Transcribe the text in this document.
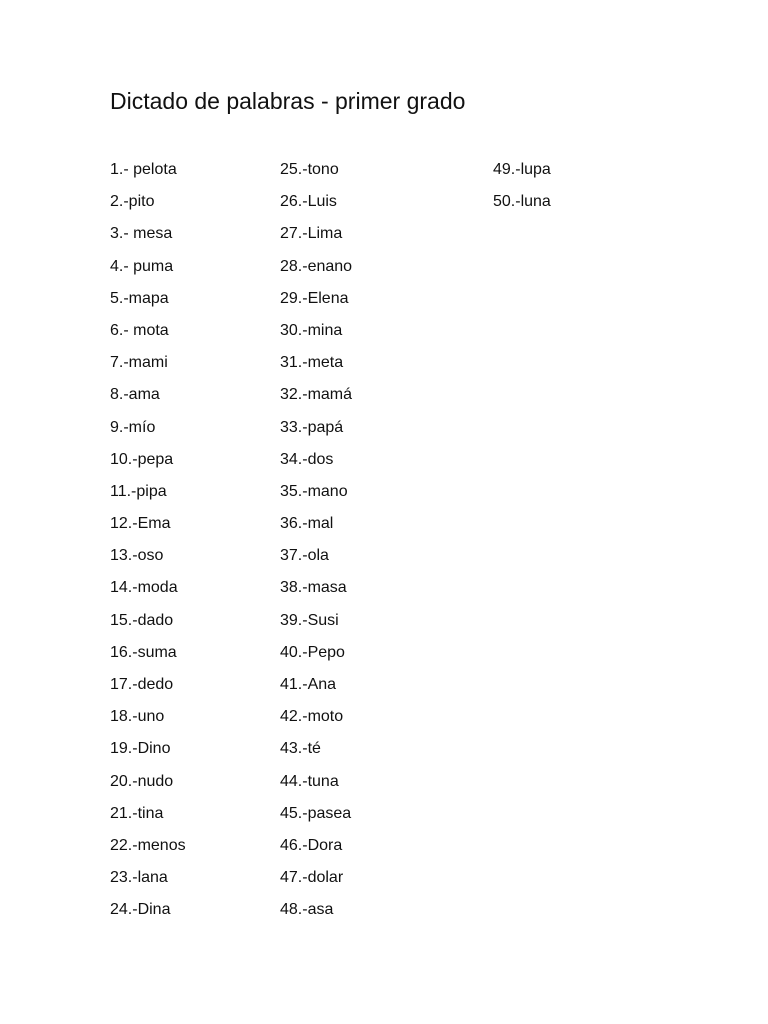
Dictado de palabras - primer grado
1.- pelota
2.-pito
3.- mesa
4.- puma
5.-mapa
6.- mota
7.-mami
8.-ama
9.-mío
10.-pepa
11.-pipa
12.-Ema
13.-oso
14.-moda
15.-dado
16.-suma
17.-dedo
18.-uno
19.-Dino
20.-nudo
21.-tina
22.-menos
23.-lana
24.-Dina
25.-tono
26.-Luis
27.-Lima
28.-enano
29.-Elena
30.-mina
31.-meta
32.-mamá
33.-papá
34.-dos
35.-mano
36.-mal
37.-ola
38.-masa
39.-Susi
40.-Pepo
41.-Ana
42.-moto
43.-té
44.-tuna
45.-pasea
46.-Dora
47.-dolar
48.-asa
49.-lupa
50.-luna
